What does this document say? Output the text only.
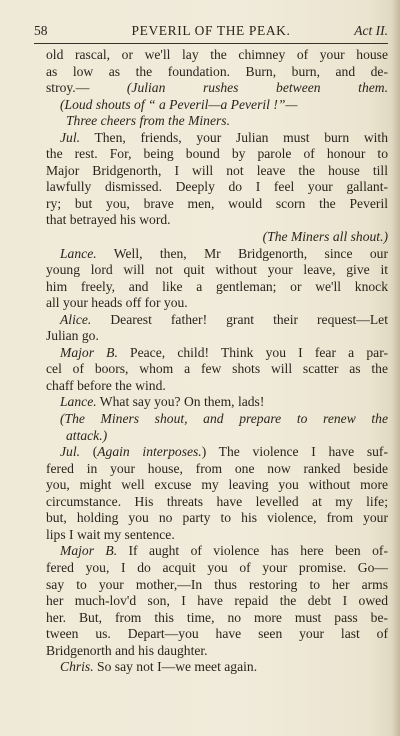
58	PEVERIL OF THE PEAK.	Act II.
old rascal, or we'll lay the chimney of your house
as low as the foundation. Burn, burn, and de-
stroy.— (Julian rushes between them.
(Loud shouts of “ a Peveril—a Peveril !”—
Three cheers from the Miners.
Jul. Then, friends, your Julian must burn with
the rest. For, being bound by parole of honour to
Major Bridgenorth, I will not leave the house till
lawfully dismissed. Deeply do I feel your gallant-
ry; but you, brave men, would scorn the Peveril
that betrayed his word.
(The Miners all shout.)
Lance. Well, then, Mr Bridgenorth, since our
young lord will not quit without your leave, give it
him freely, and like a gentleman; or we'll knock
all your heads off for you.
Alice. Dearest father! grant their request—Let
Julian go.
Major B. Peace, child! Think you I fear a par-
cel of boors, whom a few shots will scatter as the
chaff before the wind.
Lance. What say you? On them, lads!
(The Miners shout, and prepare to renew the
attack.)
Jul. (Again interposes.) The violence I have suf-
fered in your house, from one now ranked beside
you, might well excuse my leaving you without more
circumstance. His threats have levelled at my life;
but, holding you no party to his violence, from your
lips I wait my sentence.
Major B. If aught of violence has here been of-
fered you, I do acquit you of your promise. Go—
say to your mother,—In thus restoring to her arms
her much-lov'd son, I have repaid the debt I owed
her. But, from this time, no more must pass be-
tween us. Depart—you have seen your last of
Bridgenorth and his daughter.
Chris. So say not I—we meet again.
